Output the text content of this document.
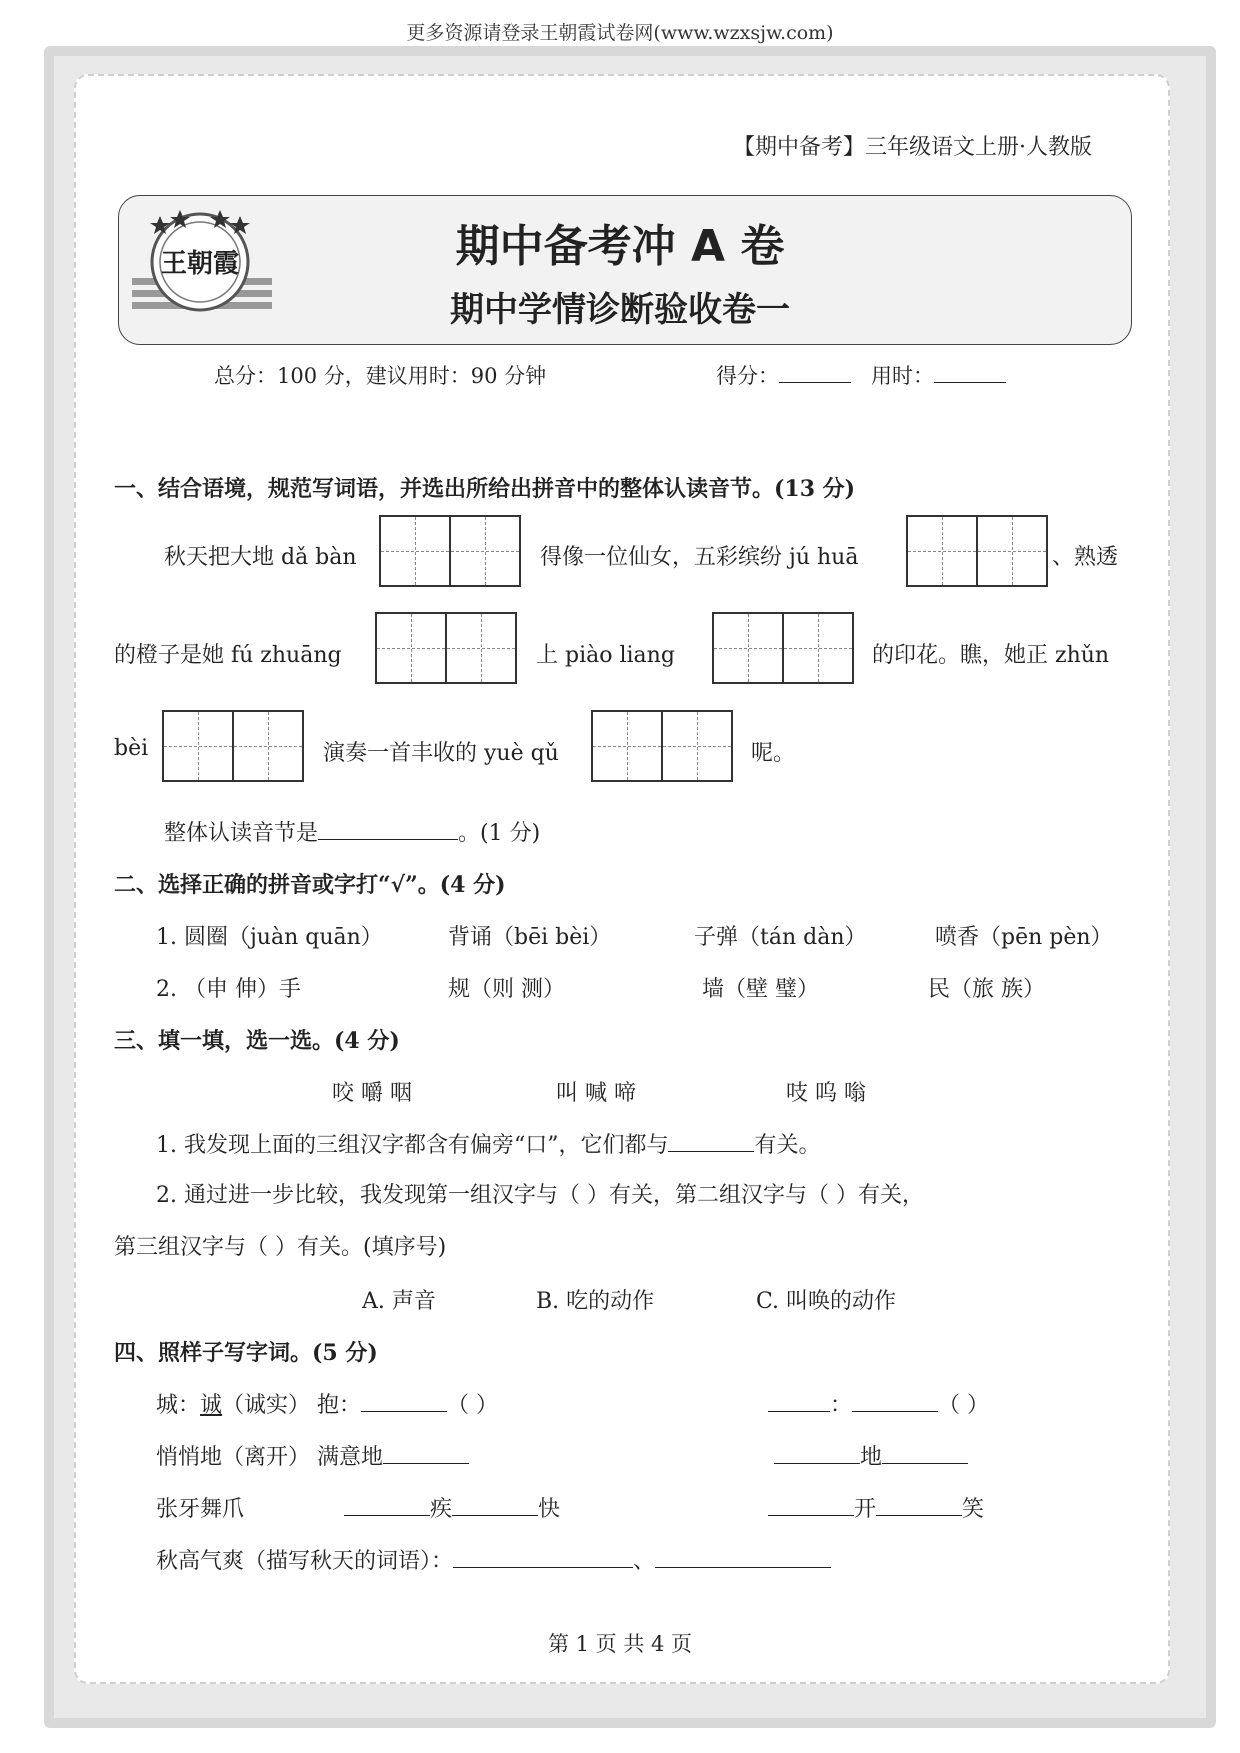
更多资源请登录王朝霞试卷网(www.wzxsjw.com)
【期中备考】三年级语文上册·人教版
王朝霞	期中备考冲 A 卷
期中学情诊断验收卷一
总分：100 分，建议用时：90 分钟	得分：	用时：
一、结合语境，规范写词语，并选出所给出拼音中的整体认读音节。(13 分)
秋天把大地 dǎ bàn	得像一位仙女，五彩缤纷 jú huā	、熟透
的橙子是她 fú zhuāng	上 piào liang	的印花。瞧，她正 zhǔn
bèi	演奏一首丰收的 yuè qǔ	呢。
整体认读音节是	。(1 分)
二、选择正确的拼音或字打“√”。(4 分)
1. 圆圈（juàn quān）	背诵（bēi bèi）	子弹（tán dàn）	喷香（pēn pèn）
2. （申 伸）手	规（则 测）	墙（壁 璧）	民（旅 族）
三、填一填，选一选。(4 分)
咬 嚼 咽	叫 喊 啼	吱 呜 嗡
1. 我发现上面的三组汉字都含有偏旁“口”，它们都与	有关。
2. 通过进一步比较，我发现第一组汉字与（ ）有关，第二组汉字与（ ）有关，
第三组汉字与（ ）有关。(填序号)
A. 声音	B. 吃的动作	C. 叫唤的动作
四、照样子写字词。(5 分)
城：诚（诚实） 抱：	（ ）	：	（ ）
悄悄地（离开） 满意地	地
张牙舞爪	疾	快	开	笑
秋高气爽（描写秋天的词语）：	、
第 1 页 共 4 页
